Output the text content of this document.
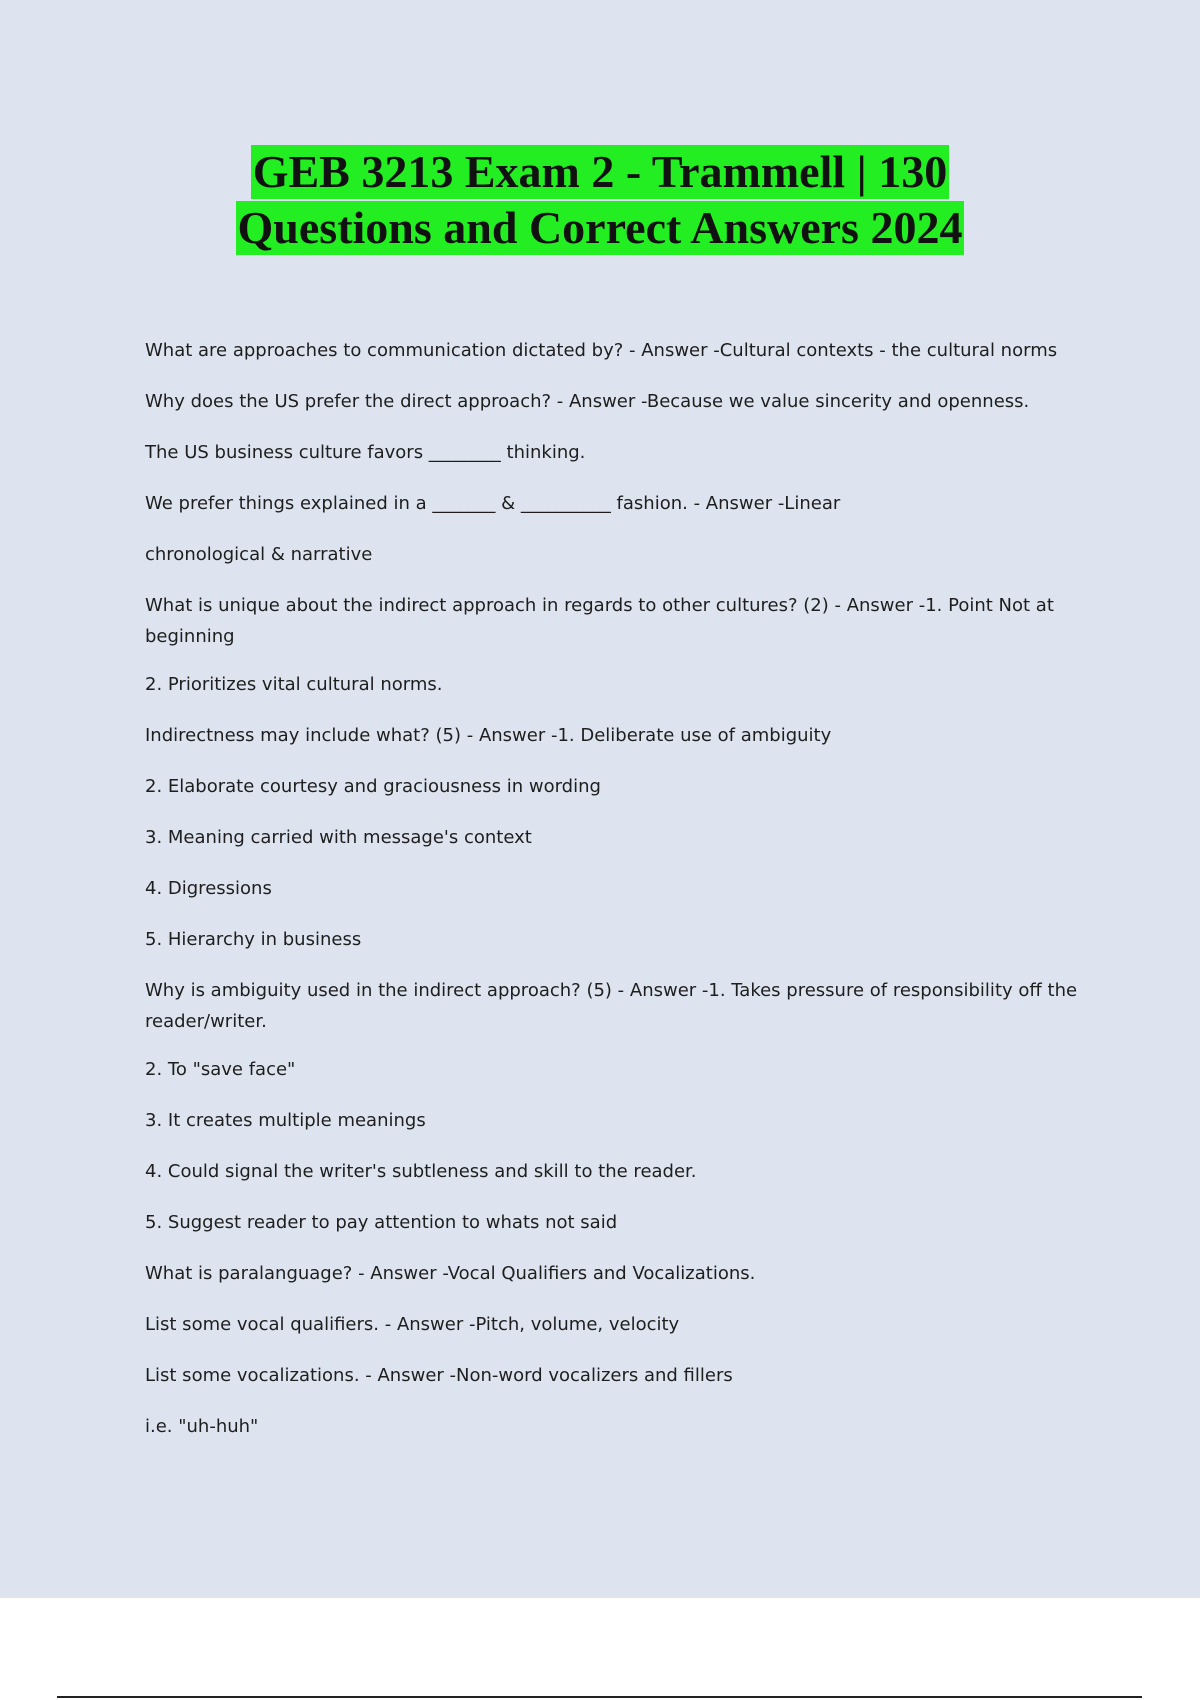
GEB 3213 Exam 2 - Trammell | 130
Questions and Correct Answers 2024

What are approaches to communication dictated by? - Answer -Cultural contexts - the cultural norms

Why does the US prefer the direct approach? - Answer -Because we value sincerity and openness.

The US business culture favors ________ thinking.

We prefer things explained in a _______ & __________ fashion. - Answer -Linear

chronological & narrative

What is unique about the indirect approach in regards to other cultures? (2) - Answer -1. Point Not at beginning

2. Prioritizes vital cultural norms.

Indirectness may include what? (5) - Answer -1. Deliberate use of ambiguity

2. Elaborate courtesy and graciousness in wording

3. Meaning carried with message's context

4. Digressions

5. Hierarchy in business

Why is ambiguity used in the indirect approach? (5) - Answer -1. Takes pressure of responsibility off the reader/writer.

2. To "save face"

3. It creates multiple meanings

4. Could signal the writer's subtleness and skill to the reader.

5. Suggest reader to pay attention to whats not said

What is paralanguage? - Answer -Vocal Qualifiers and Vocalizations.

List some vocal qualifiers. - Answer -Pitch, volume, velocity

List some vocalizations. - Answer -Non-word vocalizers and fillers

i.e. "uh-huh"
